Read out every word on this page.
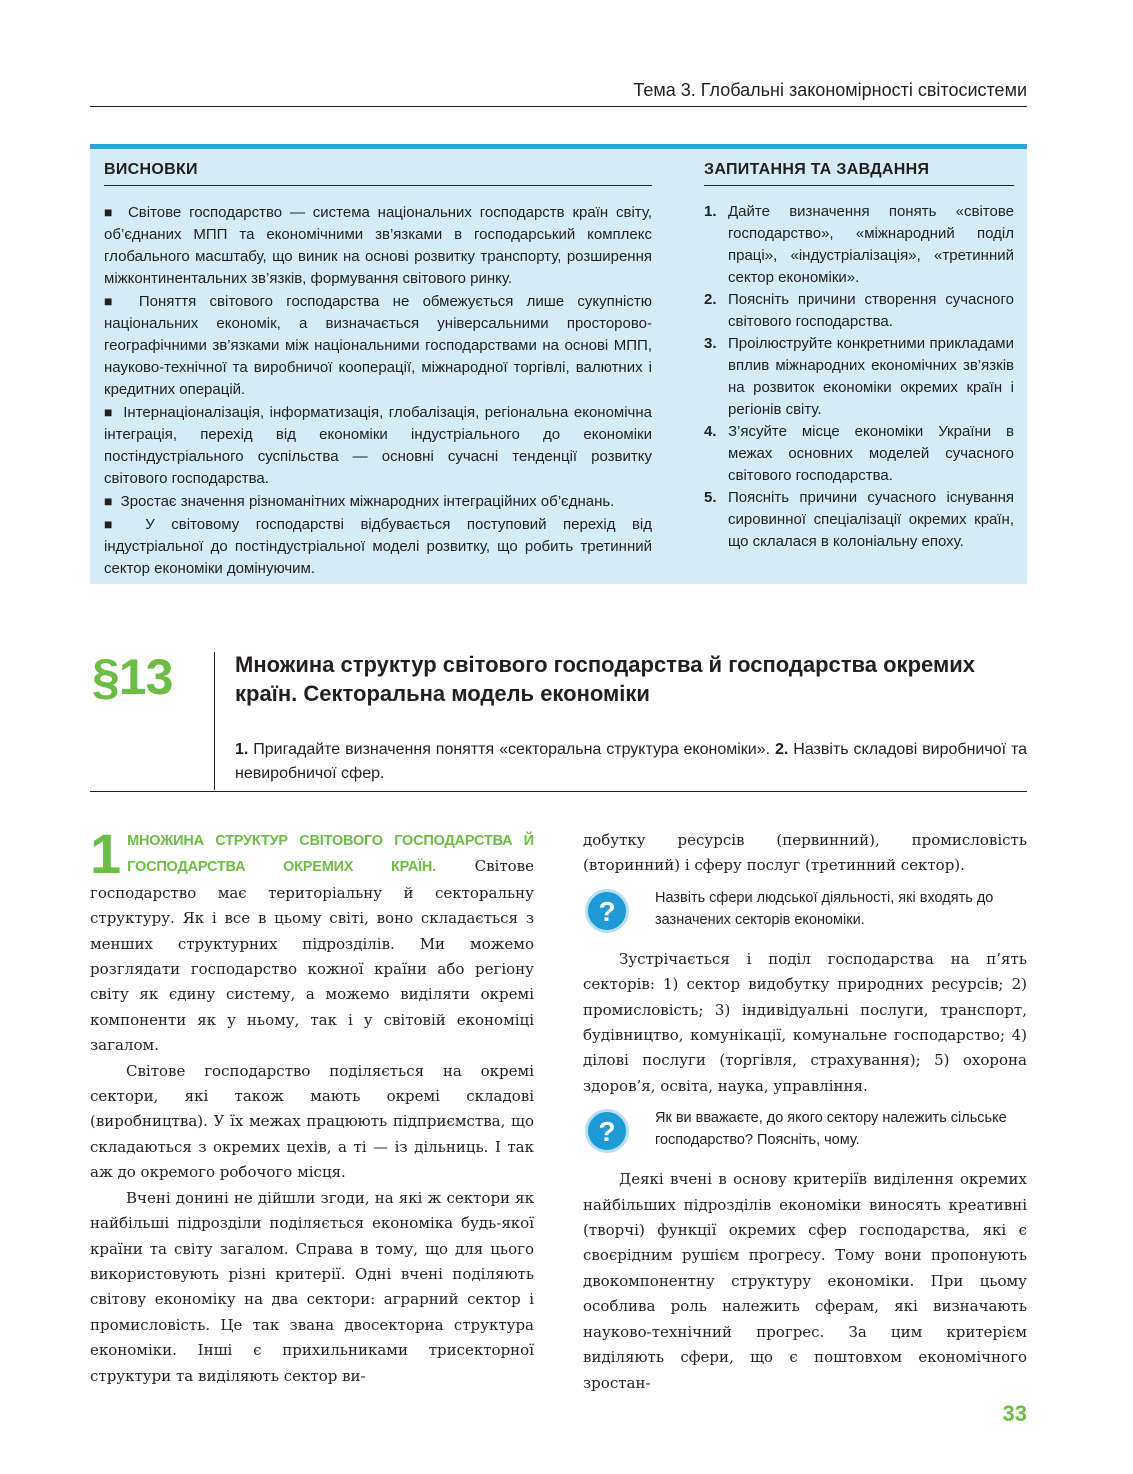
Тема 3. Глобальні закономірності світосистеми
ВИСНОВКИ	ЗАПИТАННЯ ТА ЗАВДАННЯ

■ Світове господарство — система національних господарств країн світу, об’єднаних МПП та економічними зв’язками в господарський комплекс глобального масштабу, що виник на основі розвитку транспорту, розширення міжконтинентальних зв’язків, формування світового ринку.

■ Поняття світового господарства не обмежується лише сукупністю національних економік, а визначається універсальними просторово-географічними зв’язками між національними господарствами на основі МПП, науково-технічної та виробничої кооперації, міжнародної торгівлі, валютних і кредитних операцій.

■ Інтернаціоналізація, інформатизація, глобалізація, регіональна економічна інтеграція, перехід від економіки індустріального до економіки постіндустріального суспільства — основні сучасні тенденції розвитку світового господарства.

■ Зростає значення різноманітних міжнародних інтеграційних об’єднань.

■ У світовому господарстві відбувається поступовий перехід від індустріальної до постіндустріальної моделі розвитку, що робить третинний сектор економіки домінуючим.

1. Дайте визначення понять «світове господарство», «міжнародний поділ праці», «індустріалізація», «третинний сектор економіки».
2. Поясніть причини створення сучасного світового господарства.
3. Проілюструйте конкретними прикладами вплив міжнародних економічних зв’язків на розвиток економіки окремих країн і регіонів світу.
4. З’ясуйте місце економіки України в межах основних моделей сучасного світового господарства.
5. Поясніть причини сучасного існування сировинної спеціалізації окремих країн, що склалася в колоніальну епоху.
§13	Множина структур світового господарства й господарства окремих країн. Секторальна модель економіки
1. Пригадайте визначення поняття «секторальна структура економіки». 2. Назвіть складові виробничої та невиробничої сфер.

1 МНОЖИНА СТРУКТУР СВІТОВОГО ГОСПОДАРСТВА Й ГОСПОДАРСТВА ОКРЕМИХ КРАЇН. Світове господарство має територіальну й секторальну структуру. Як і все в цьому світі, воно складається з менших структурних підрозділів. Ми можемо розглядати господарство кожної країни або регіону світу як єдину систему, а можемо виділяти окремі компоненти як у ньому, так і у світовій економіці загалом.

Світове господарство поділяється на окремі сектори, які також мають окремі складові (виробництва). У їх межах працюють підприємства, що складаються з окремих цехів, а ті — із дільниць. І так аж до окремого робочого місця.

Вчені донині не дійшли згоди, на які ж сектори як найбільші підрозділи поділяється економіка будь-якої країни та світу загалом. Справа в тому, що для цього використовують різні критерії. Одні вчені поділяють світову економіку на два сектори: аграрний сектор і промисловість. Це так звана двосекторна структура економіки. Інші є прихильниками трисекторної структури та виділяють сектор ви-

добутку ресурсів (первинний), промисловість (вторинний) і сферу послуг (третинний сектор).

?	Назвіть сфери людської діяльності, які входять до зазначених секторів економіки.

Зустрічається і поділ господарства на п’ять секторів: 1) сектор видобутку природних ресурсів; 2) промисловість; 3) індивідуальні послуги, транспорт, будівництво, комунікації, комунальне господарство; 4) ділові послуги (торгівля, страхування); 5) охорона здоров’я, освіта, наука, управління.

?	Як ви вважаєте, до якого сектору належить сільське господарство? Поясніть, чому.

Деякі вчені в основу критеріїв виділення окремих найбільших підрозділів економіки виносять креативні (творчі) функції окремих сфер господарства, які є своєрідним рушієм прогресу. Тому вони пропонують двокомпонентну структуру економіки. При цьому особлива роль належить сферам, які визначають науково-технічний прогрес. За цим критерієм виділяють сфери, що є поштовхом економічного зростан-

33
